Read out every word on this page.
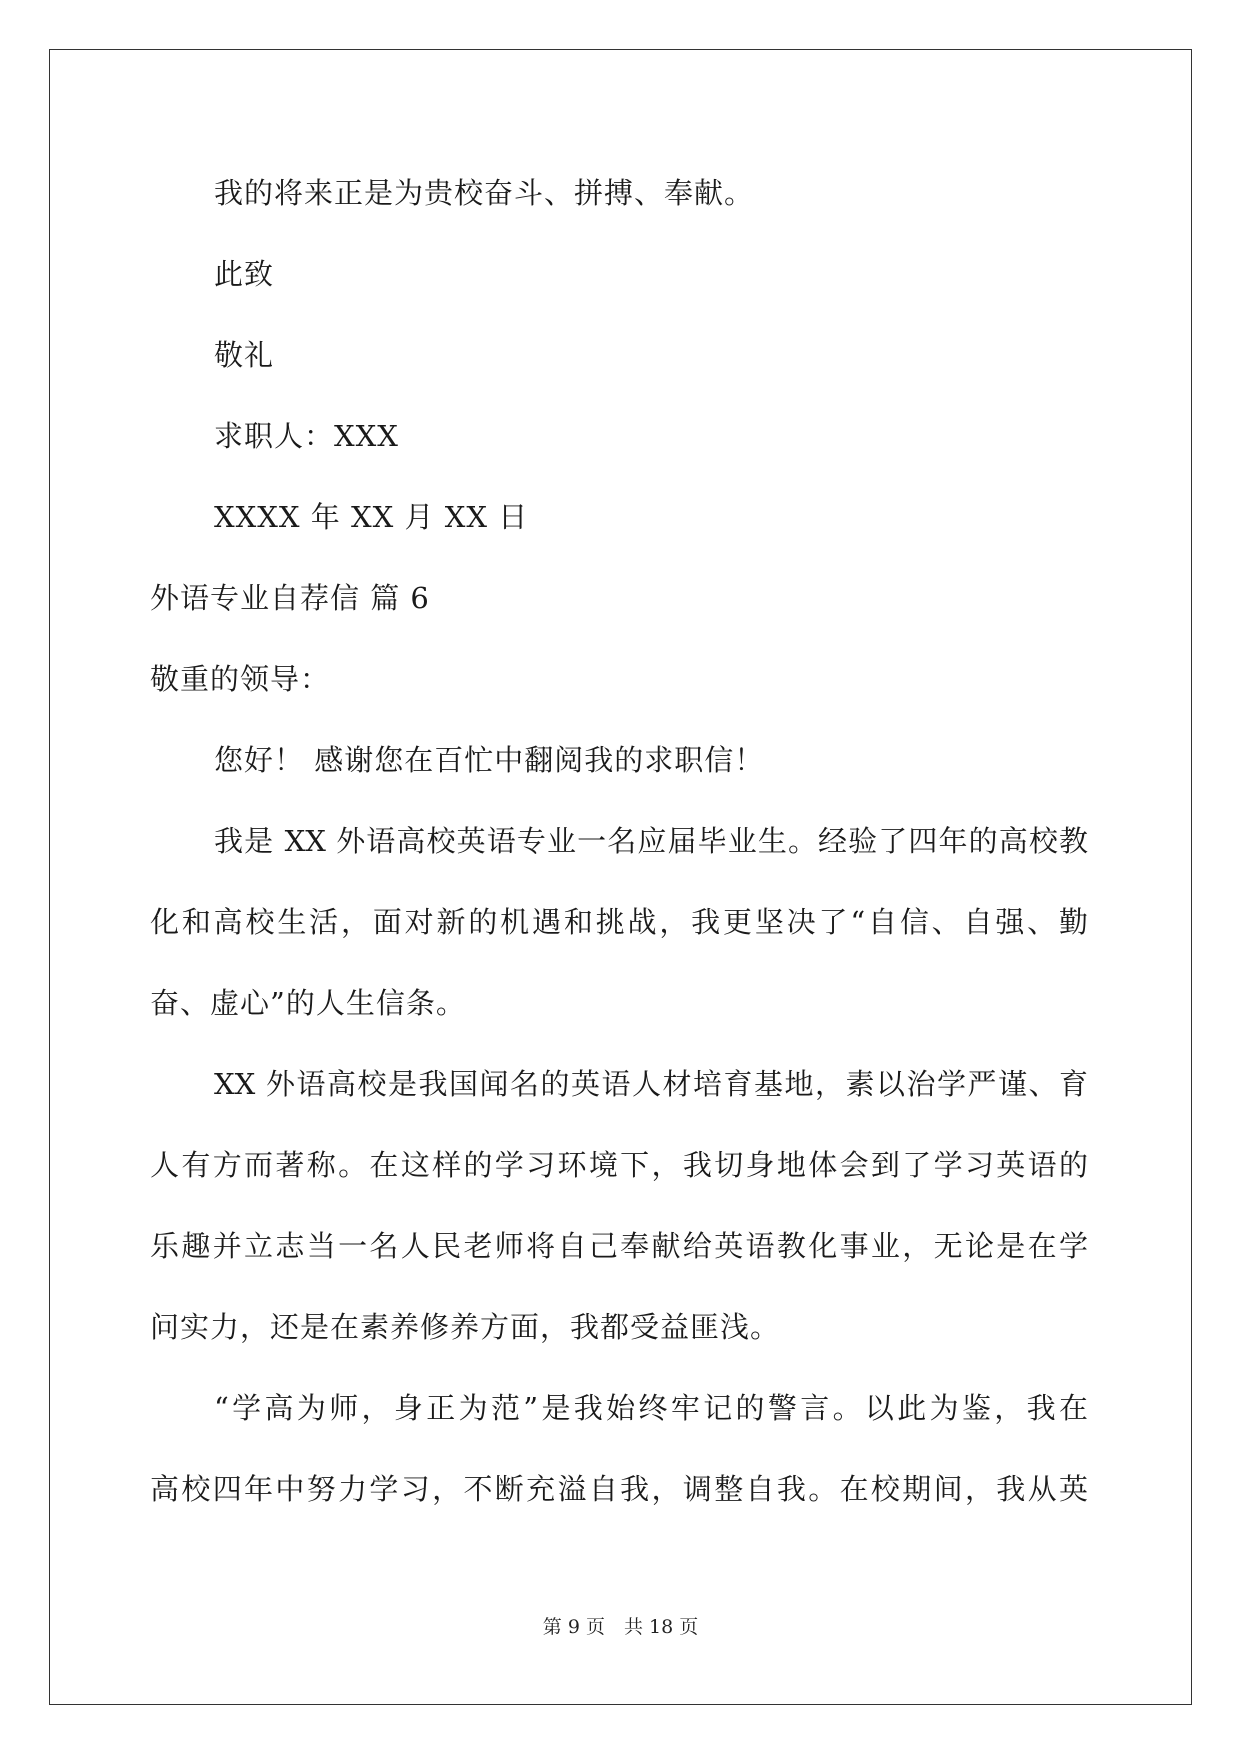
我的将来正是为贵校奋斗、拼搏、奉献。
此致
敬礼
求职人：XXX
XXXX 年 XX 月 XX 日
外语专业自荐信 篇 6
敬重的领导：
您好！ 感谢您在百忙中翻阅我的求职信！
我是 XX 外语高校英语专业一名应届毕业生。经验了四年的高校教
化和高校生活，面对新的机遇和挑战，我更坚决了“自信、自强、勤
奋、虚心”的人生信条。
XX 外语高校是我国闻名的英语人材培育基地，素以治学严谨、育
人有方而著称。在这样的学习环境下，我切身地体会到了学习英语的
乐趣并立志当一名人民老师将自己奉献给英语教化事业，无论是在学
问实力，还是在素养修养方面，我都受益匪浅。
“学高为师，身正为范”是我始终牢记的警言。以此为鉴，我在
高校四年中努力学习，不断充溢自我，调整自我。在校期间，我从英
第 9 页　共 18 页
